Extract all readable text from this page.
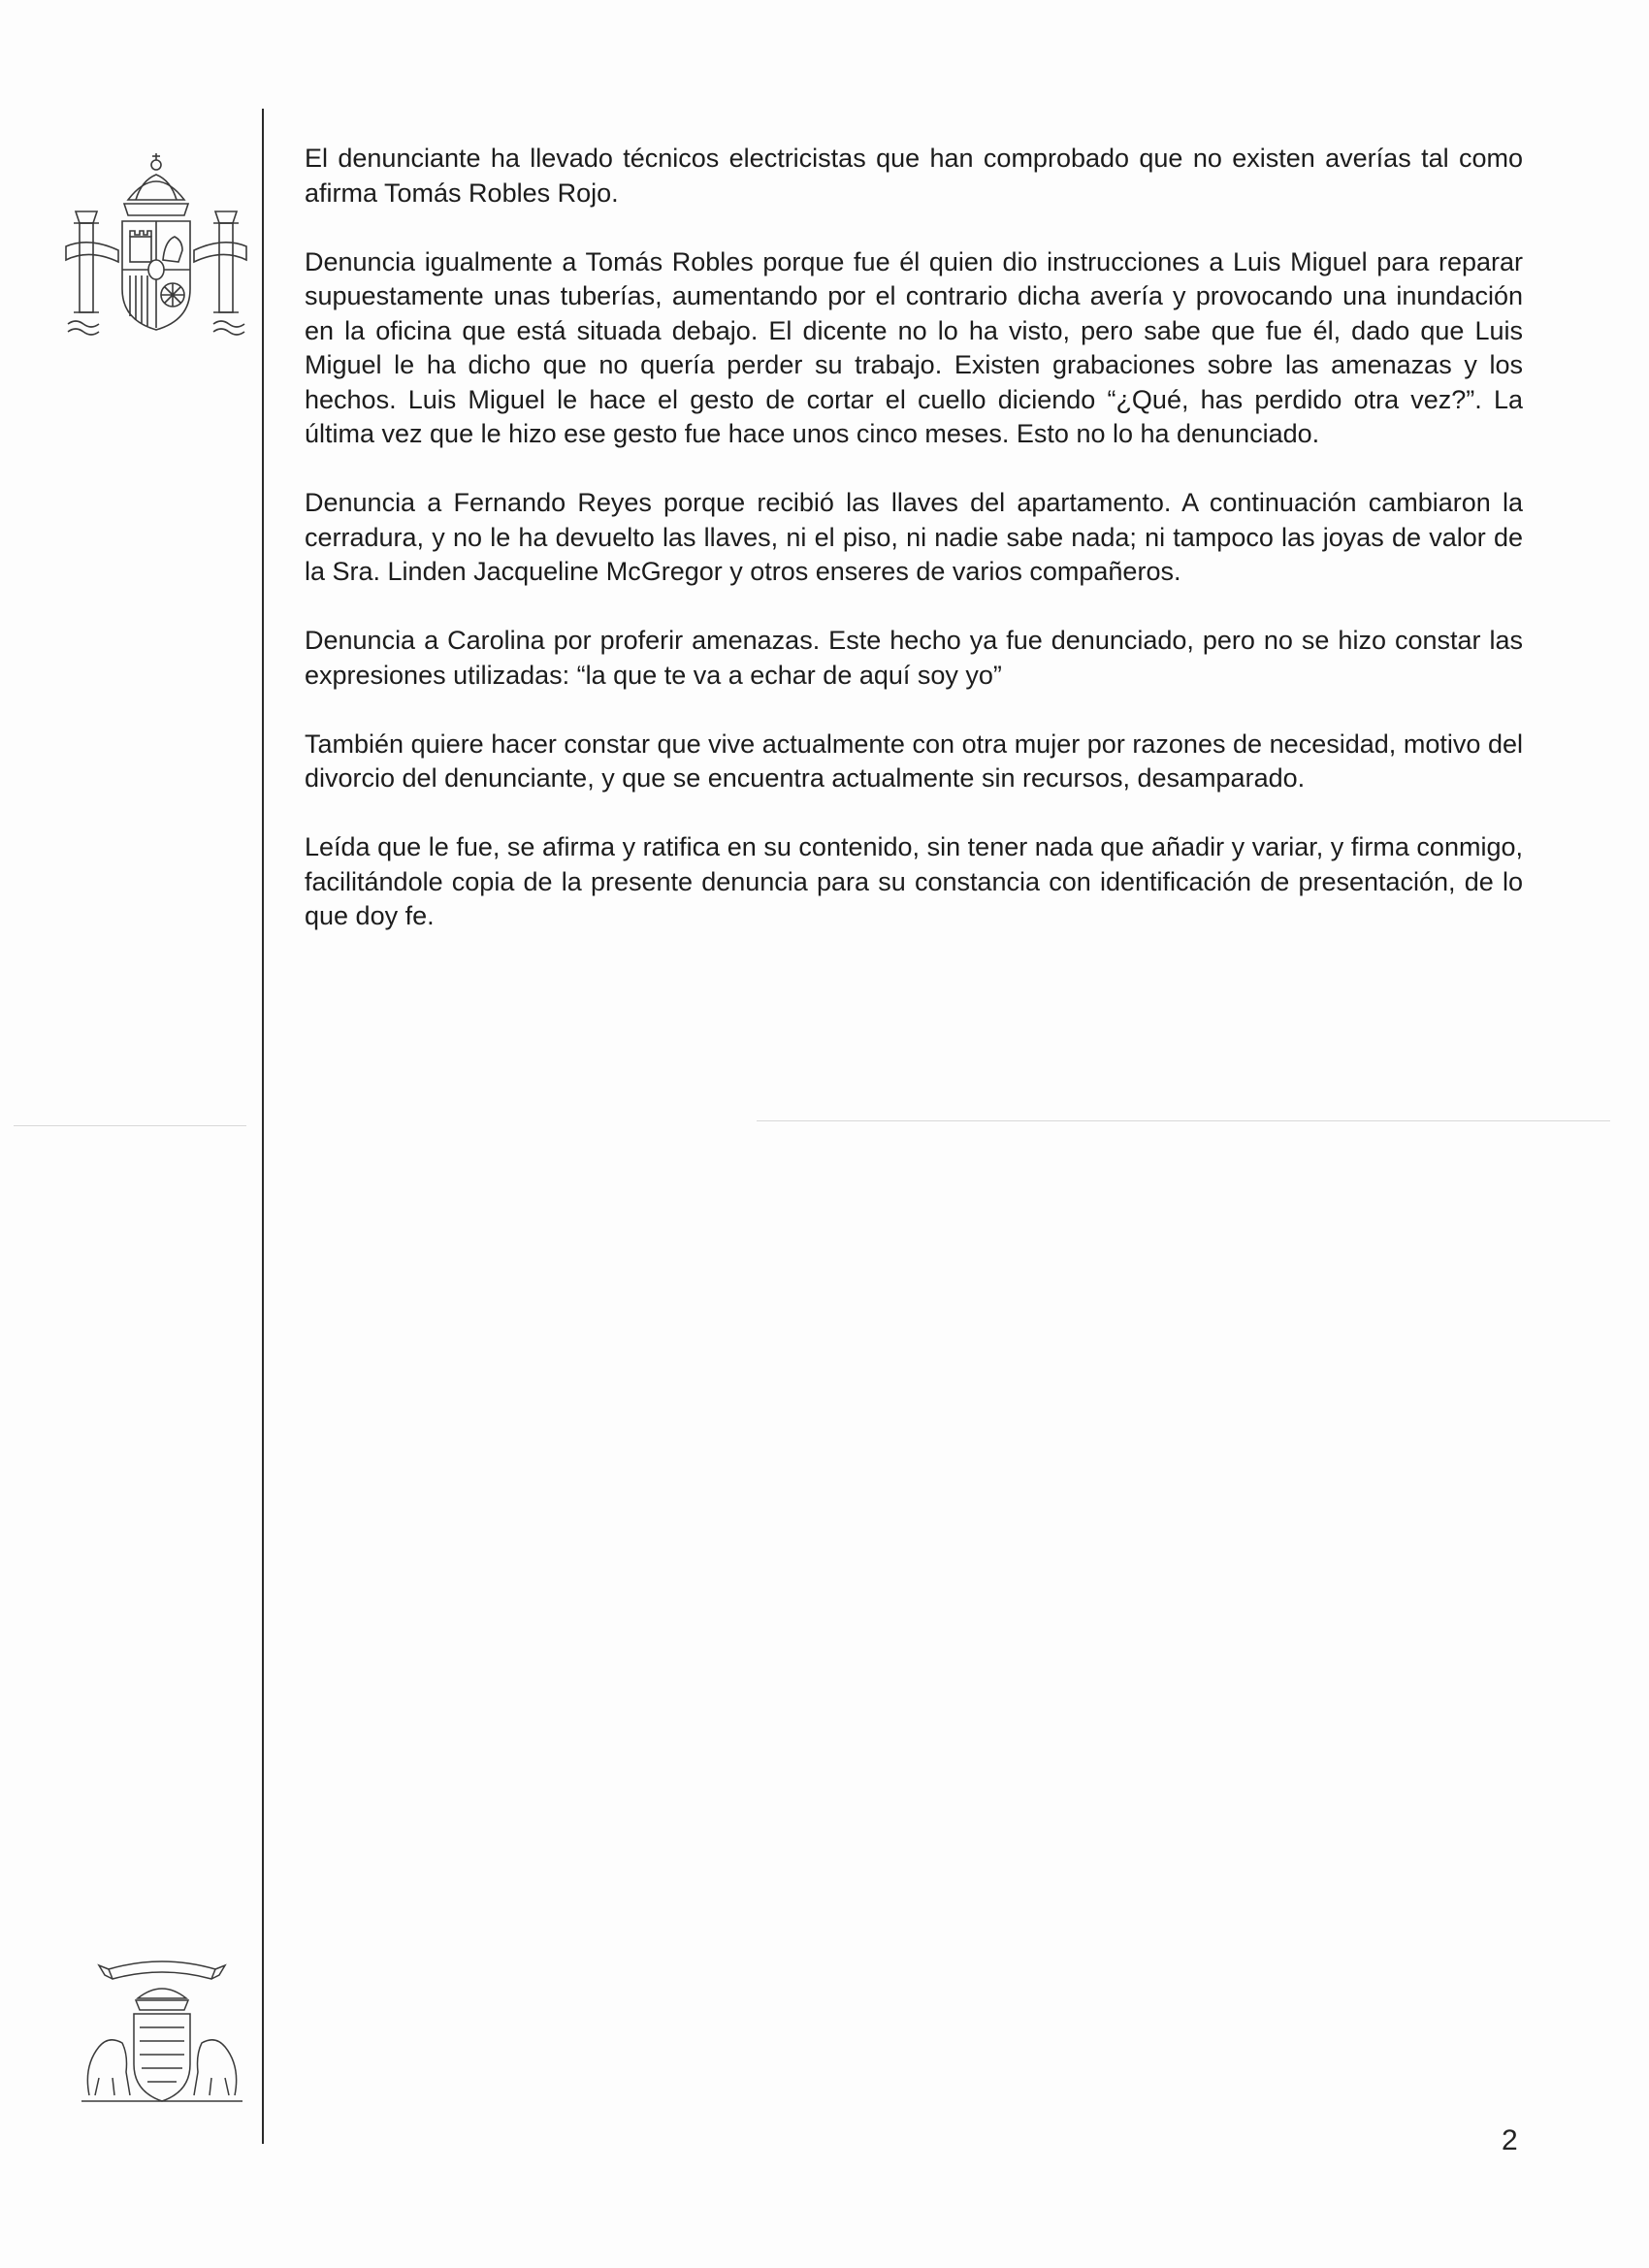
El denunciante ha llevado técnicos electricistas que han comprobado que no existen averías tal como afirma Tomás Robles Rojo.

Denuncia igualmente a Tomás Robles porque fue él quien dio instrucciones a Luis Miguel para reparar supuestamente unas tuberías, aumentando por el contrario dicha avería y provocando una inundación en la oficina que está situada debajo. El dicente no lo ha visto, pero sabe que fue él, dado que Luis Miguel le ha dicho que no quería perder su trabajo. Existen grabaciones sobre las amenazas y los hechos. Luis Miguel le hace el gesto de cortar el cuello diciendo “¿Qué, has perdido otra vez?”. La última vez que le hizo ese gesto fue hace unos cinco meses. Esto no lo ha denunciado.

Denuncia a Fernando Reyes porque recibió las llaves del apartamento. A continuación cambiaron la cerradura, y no le ha devuelto las llaves, ni el piso, ni nadie sabe nada; ni tampoco las joyas de valor de la Sra. Linden Jacqueline McGregor y otros enseres de varios compañeros.

Denuncia a Carolina por proferir amenazas. Este hecho ya fue denunciado, pero no se hizo constar las expresiones utilizadas: “la que te va a echar de aquí soy yo”

También quiere hacer constar que vive actualmente con otra mujer por razones de necesidad, motivo del divorcio del denunciante, y que se encuentra actualmente sin recursos, desamparado.

Leída que le fue, se afirma y ratifica en su contenido, sin tener nada que añadir y variar, y firma conmigo, facilitándole copia de la presente denuncia para su constancia con identificación de presentación, de lo que doy fe.

2
